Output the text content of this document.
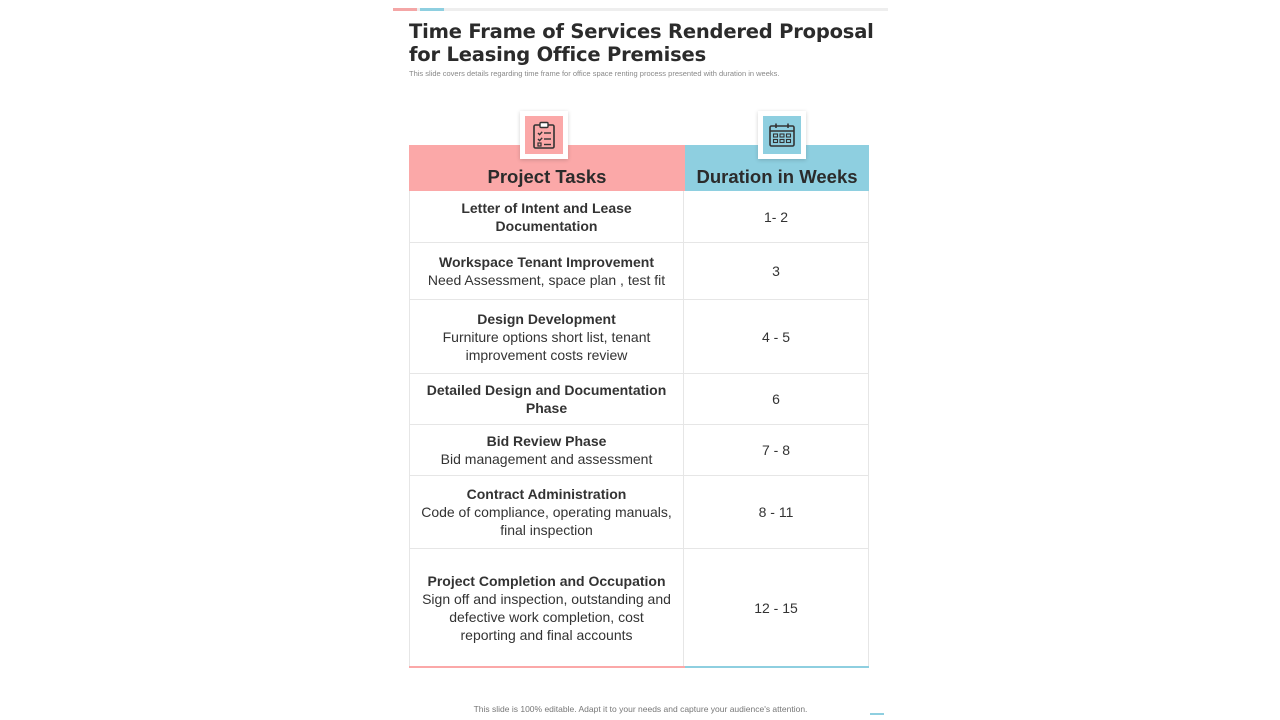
Time Frame of Services Rendered Proposal for Leasing Office Premises

This slide covers details regarding time frame for office space renting process presented with duration in weeks.

Project Tasks	Duration in Weeks
Letter of Intent and Lease Documentation
1- 2
Workspace Tenant Improvement
Need Assessment, space plan , test fit
3
Design Development
Furniture options short list, tenant improvement costs review
4 - 5
Detailed Design and Documentation Phase
6
Bid Review Phase
Bid management and assessment
7 - 8
Contract Administration
Code of compliance, operating manuals, final inspection
8 - 11
Project Completion and Occupation
Sign off and inspection, outstanding and defective work completion, cost reporting and final accounts
12 - 15
This slide is 100% editable. Adapt it to your needs and capture your audience's attention.
